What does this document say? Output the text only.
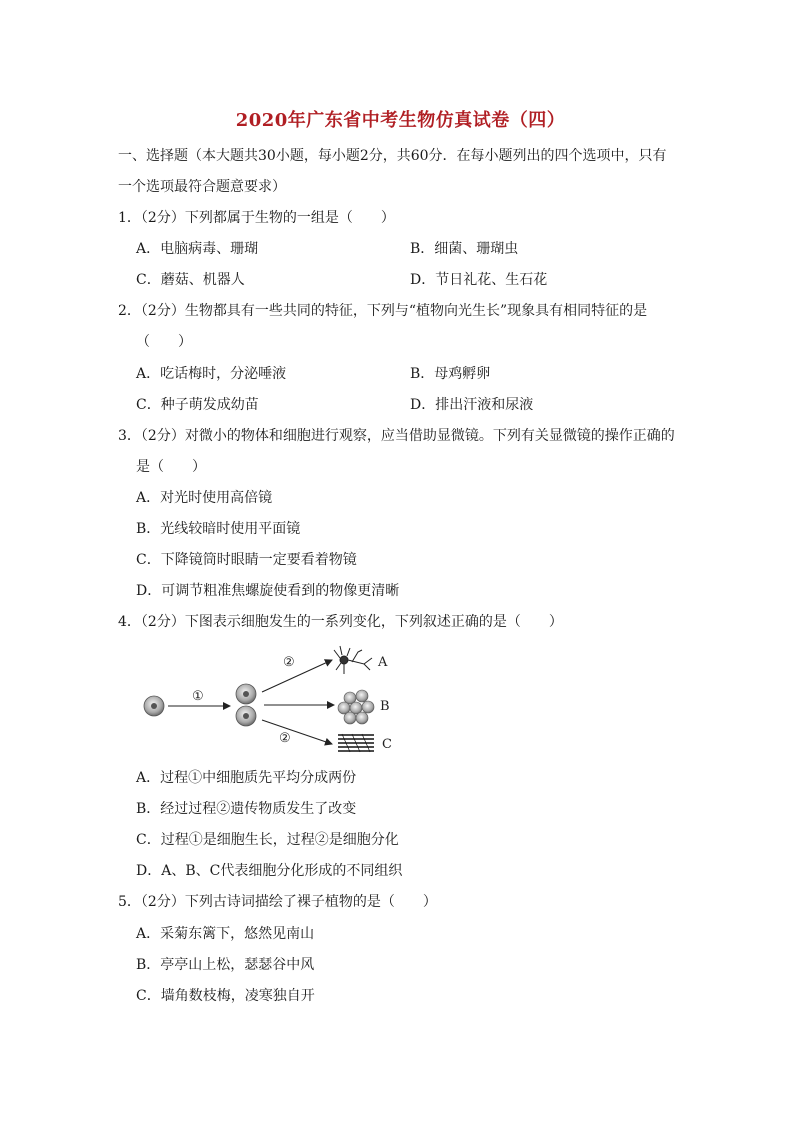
2020年广东省中考生物仿真试卷（四）
一、选择题（本大题共30小题，每小题2分，共60分．在每小题列出的四个选项中，只有
一个选项最符合题意要求）
1．（2分）下列都属于生物的一组是（　　）
A．电脑病毒、珊瑚	B．细菌、珊瑚虫
C．蘑菇、机器人	D．节日礼花、生石花
2．（2分）生物都具有一些共同的特征，下列与“植物向光生长”现象具有相同特征的是
（　　）
A．吃话梅时，分泌唾液	B．母鸡孵卵
C．种子萌发成幼苗	D．排出汗液和尿液
3．（2分）对微小的物体和细胞进行观察，应当借助显微镜。下列有关显微镜的操作正确的
是（　　）
A．对光时使用高倍镜
B．光线较暗时使用平面镜
C．下降镜筒时眼睛一定要看着物镜
D．可调节粗准焦螺旋使看到的物像更清晰
4．（2分）下图表示细胞发生的一系列变化，下列叙述正确的是（　　）
①
②
②
A
B
C
A．过程①中细胞质先平均分成两份
B．经过过程②遗传物质发生了改变
C．过程①是细胞生长，过程②是细胞分化
D．A、B、C代表细胞分化形成的不同组织
5．（2分）下列古诗词描绘了裸子植物的是（　　）
A．采菊东篱下，悠然见南山
B．亭亭山上松，瑟瑟谷中风
C．墙角数枝梅，凌寒独自开
